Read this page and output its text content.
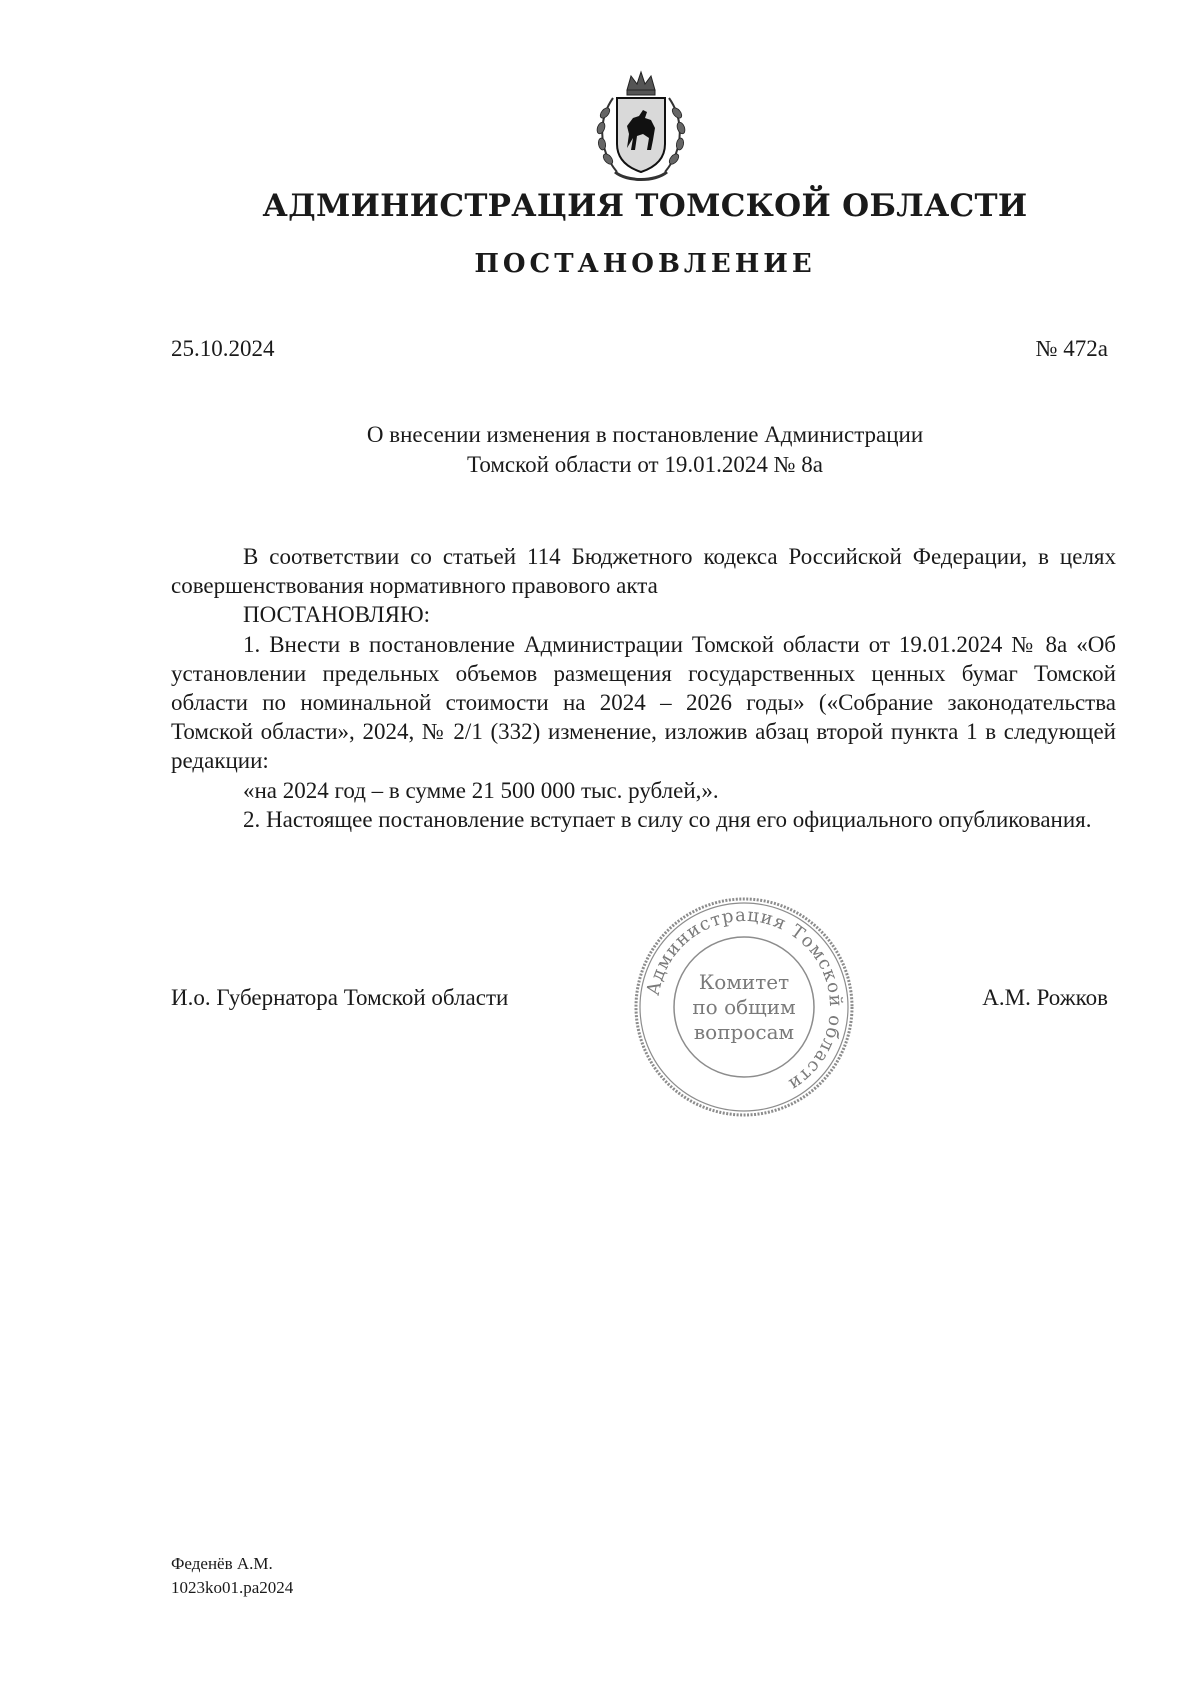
АДМИНИСТРАЦИЯ ТОМСКОЙ ОБЛАСТИ
ПОСТАНОВЛЕНИЕ
25.10.2024	№ 472а
О внесении изменения в постановление Администрации
Томской области от 19.01.2024 № 8а

В соответствии со статьей 114 Бюджетного кодекса Российской Федерации, в целях совершенствования нормативного правового акта

ПОСТАНОВЛЯЮ:

1. Внести в постановление Администрации Томской области от 19.01.2024 № 8а «Об установлении предельных объемов размещения государственных ценных бумаг Томской области по номинальной стоимости на 2024 – 2026 годы» («Собрание законодательства Томской области», 2024, № 2/1 (332) изменение, изложив абзац второй пункта 1 в следующей редакции:

«на 2024 год – в сумме 21 500 000 тыс. рублей,».

2. Настоящее постановление вступает в силу со дня его официального опубликования.

И.о. Губернатора Томской области	А.М. Рожков
Администрация Томской области
Комитет
по общим
вопросам
Феденёв А.М.
1023ko01.pa2024
